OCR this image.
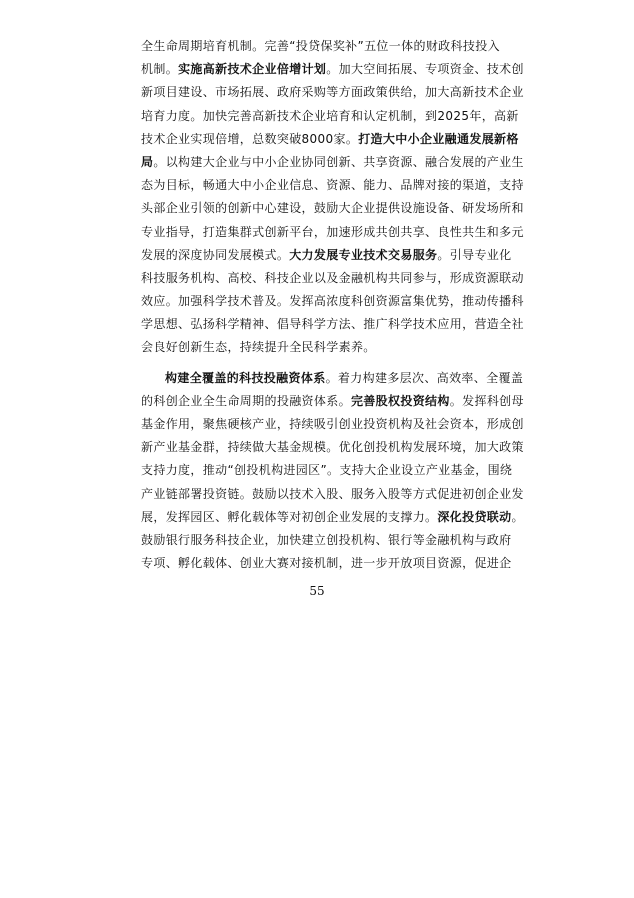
全生命周期培育机制。完善“投贷保奖补”五位一体的财政科技投入
机制。实施高新技术企业倍增计划。加大空间拓展、专项资金、技术创
新项目建设、市场拓展、政府采购等方面政策供给，加大高新技术企业
培育力度。加快完善高新技术企业培育和认定机制，到2025年，高新
技术企业实现倍增，总数突破8000家。打造大中小企业融通发展新格
局。以构建大企业与中小企业协同创新、共享资源、融合发展的产业生
态为目标，畅通大中小企业信息、资源、能力、品牌对接的渠道，支持
头部企业引领的创新中心建设，鼓励大企业提供设施设备、研发场所和
专业指导，打造集群式创新平台，加速形成共创共享、良性共生和多元
发展的深度协同发展模式。大力发展专业技术交易服务。引导专业化
科技服务机构、高校、科技企业以及金融机构共同参与，形成资源联动
效应。加强科学技术普及。发挥高浓度科创资源富集优势，推动传播科
学思想、弘扬科学精神、倡导科学方法、推广科学技术应用，营造全社
会良好创新生态，持续提升全民科学素养。
构建全覆盖的科技投融资体系。着力构建多层次、高效率、全覆盖
的科创企业全生命周期的投融资体系。完善股权投资结构。发挥科创母
基金作用，聚焦硬核产业，持续吸引创业投资机构及社会资本，形成创
新产业基金群，持续做大基金规模。优化创投机构发展环境，加大政策
支持力度，推动“创投机构进园区”。支持大企业设立产业基金，围绕
产业链部署投资链。鼓励以技术入股、服务入股等方式促进初创企业发
展，发挥园区、孵化载体等对初创企业发展的支撑力。深化投贷联动。
鼓励银行服务科技企业，加快建立创投机构、银行等金融机构与政府
专项、孵化载体、创业大赛对接机制，进一步开放项目资源，促进企
55
